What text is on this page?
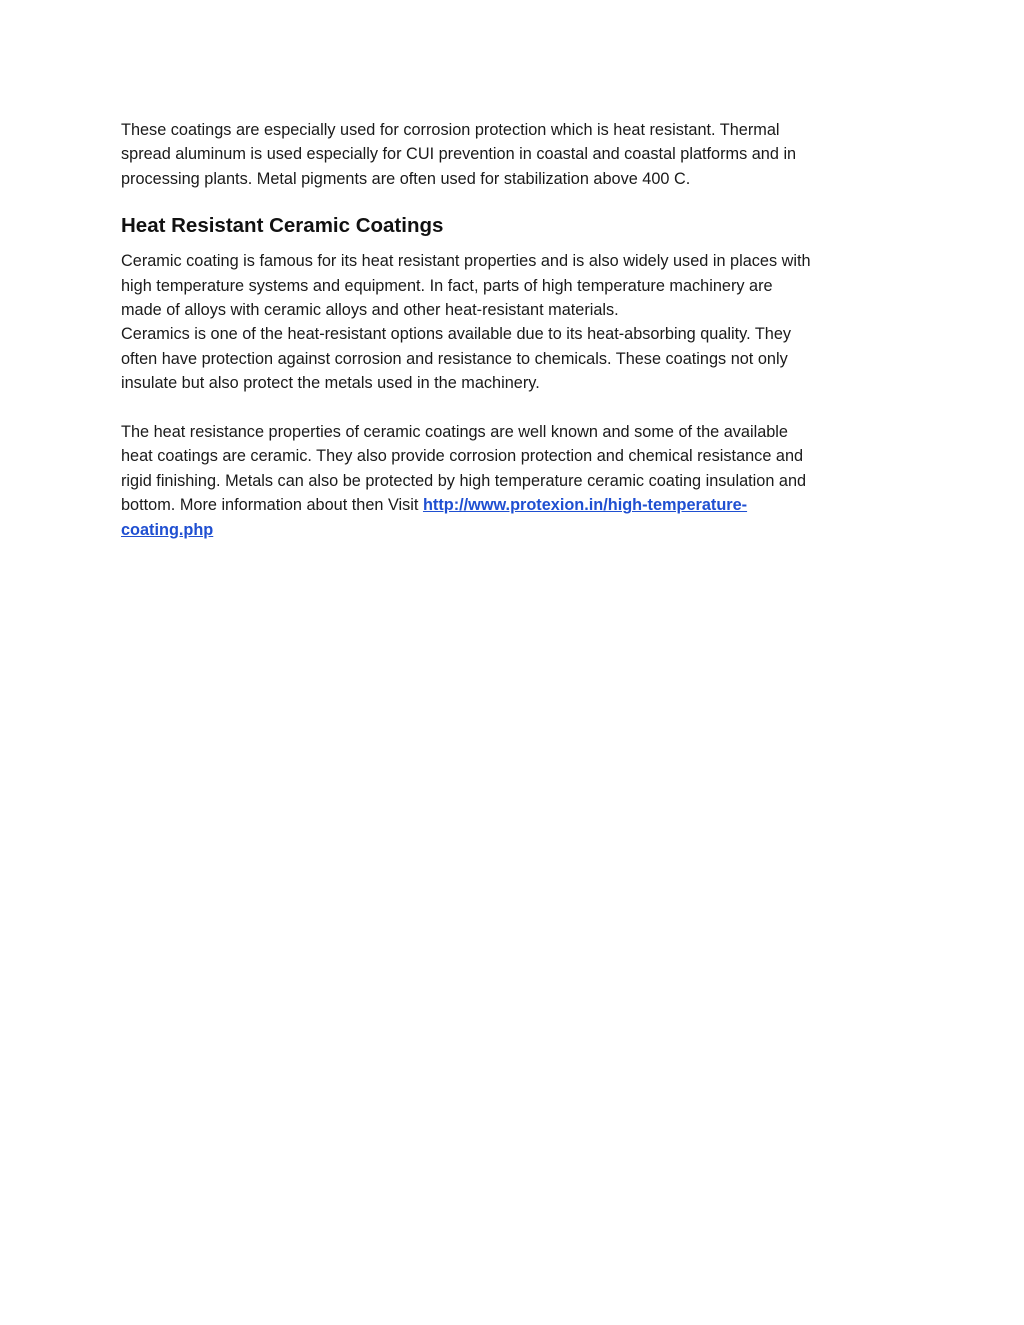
These coatings are especially used for corrosion protection which is heat resistant. Thermal
spread aluminum is used especially for CUI prevention in coastal and coastal platforms and in
processing plants. Metal pigments are often used for stabilization above 400 C.

Heat Resistant Ceramic Coatings

Ceramic coating is famous for its heat resistant properties and is also widely used in places with
high temperature systems and equipment. In fact, parts of high temperature machinery are
made of alloys with ceramic alloys and other heat-resistant materials.

Ceramics is one of the heat-resistant options available due to its heat-absorbing quality. They
often have protection against corrosion and resistance to chemicals. These coatings not only
insulate but also protect the metals used in the machinery.

The heat resistance properties of ceramic coatings are well known and some of the available
heat coatings are ceramic. They also provide corrosion protection and chemical resistance and
rigid finishing. Metals can also be protected by high temperature ceramic coating insulation and
bottom. More information about then Visit http://www.protexion.in/high-temperature-
coating.php
